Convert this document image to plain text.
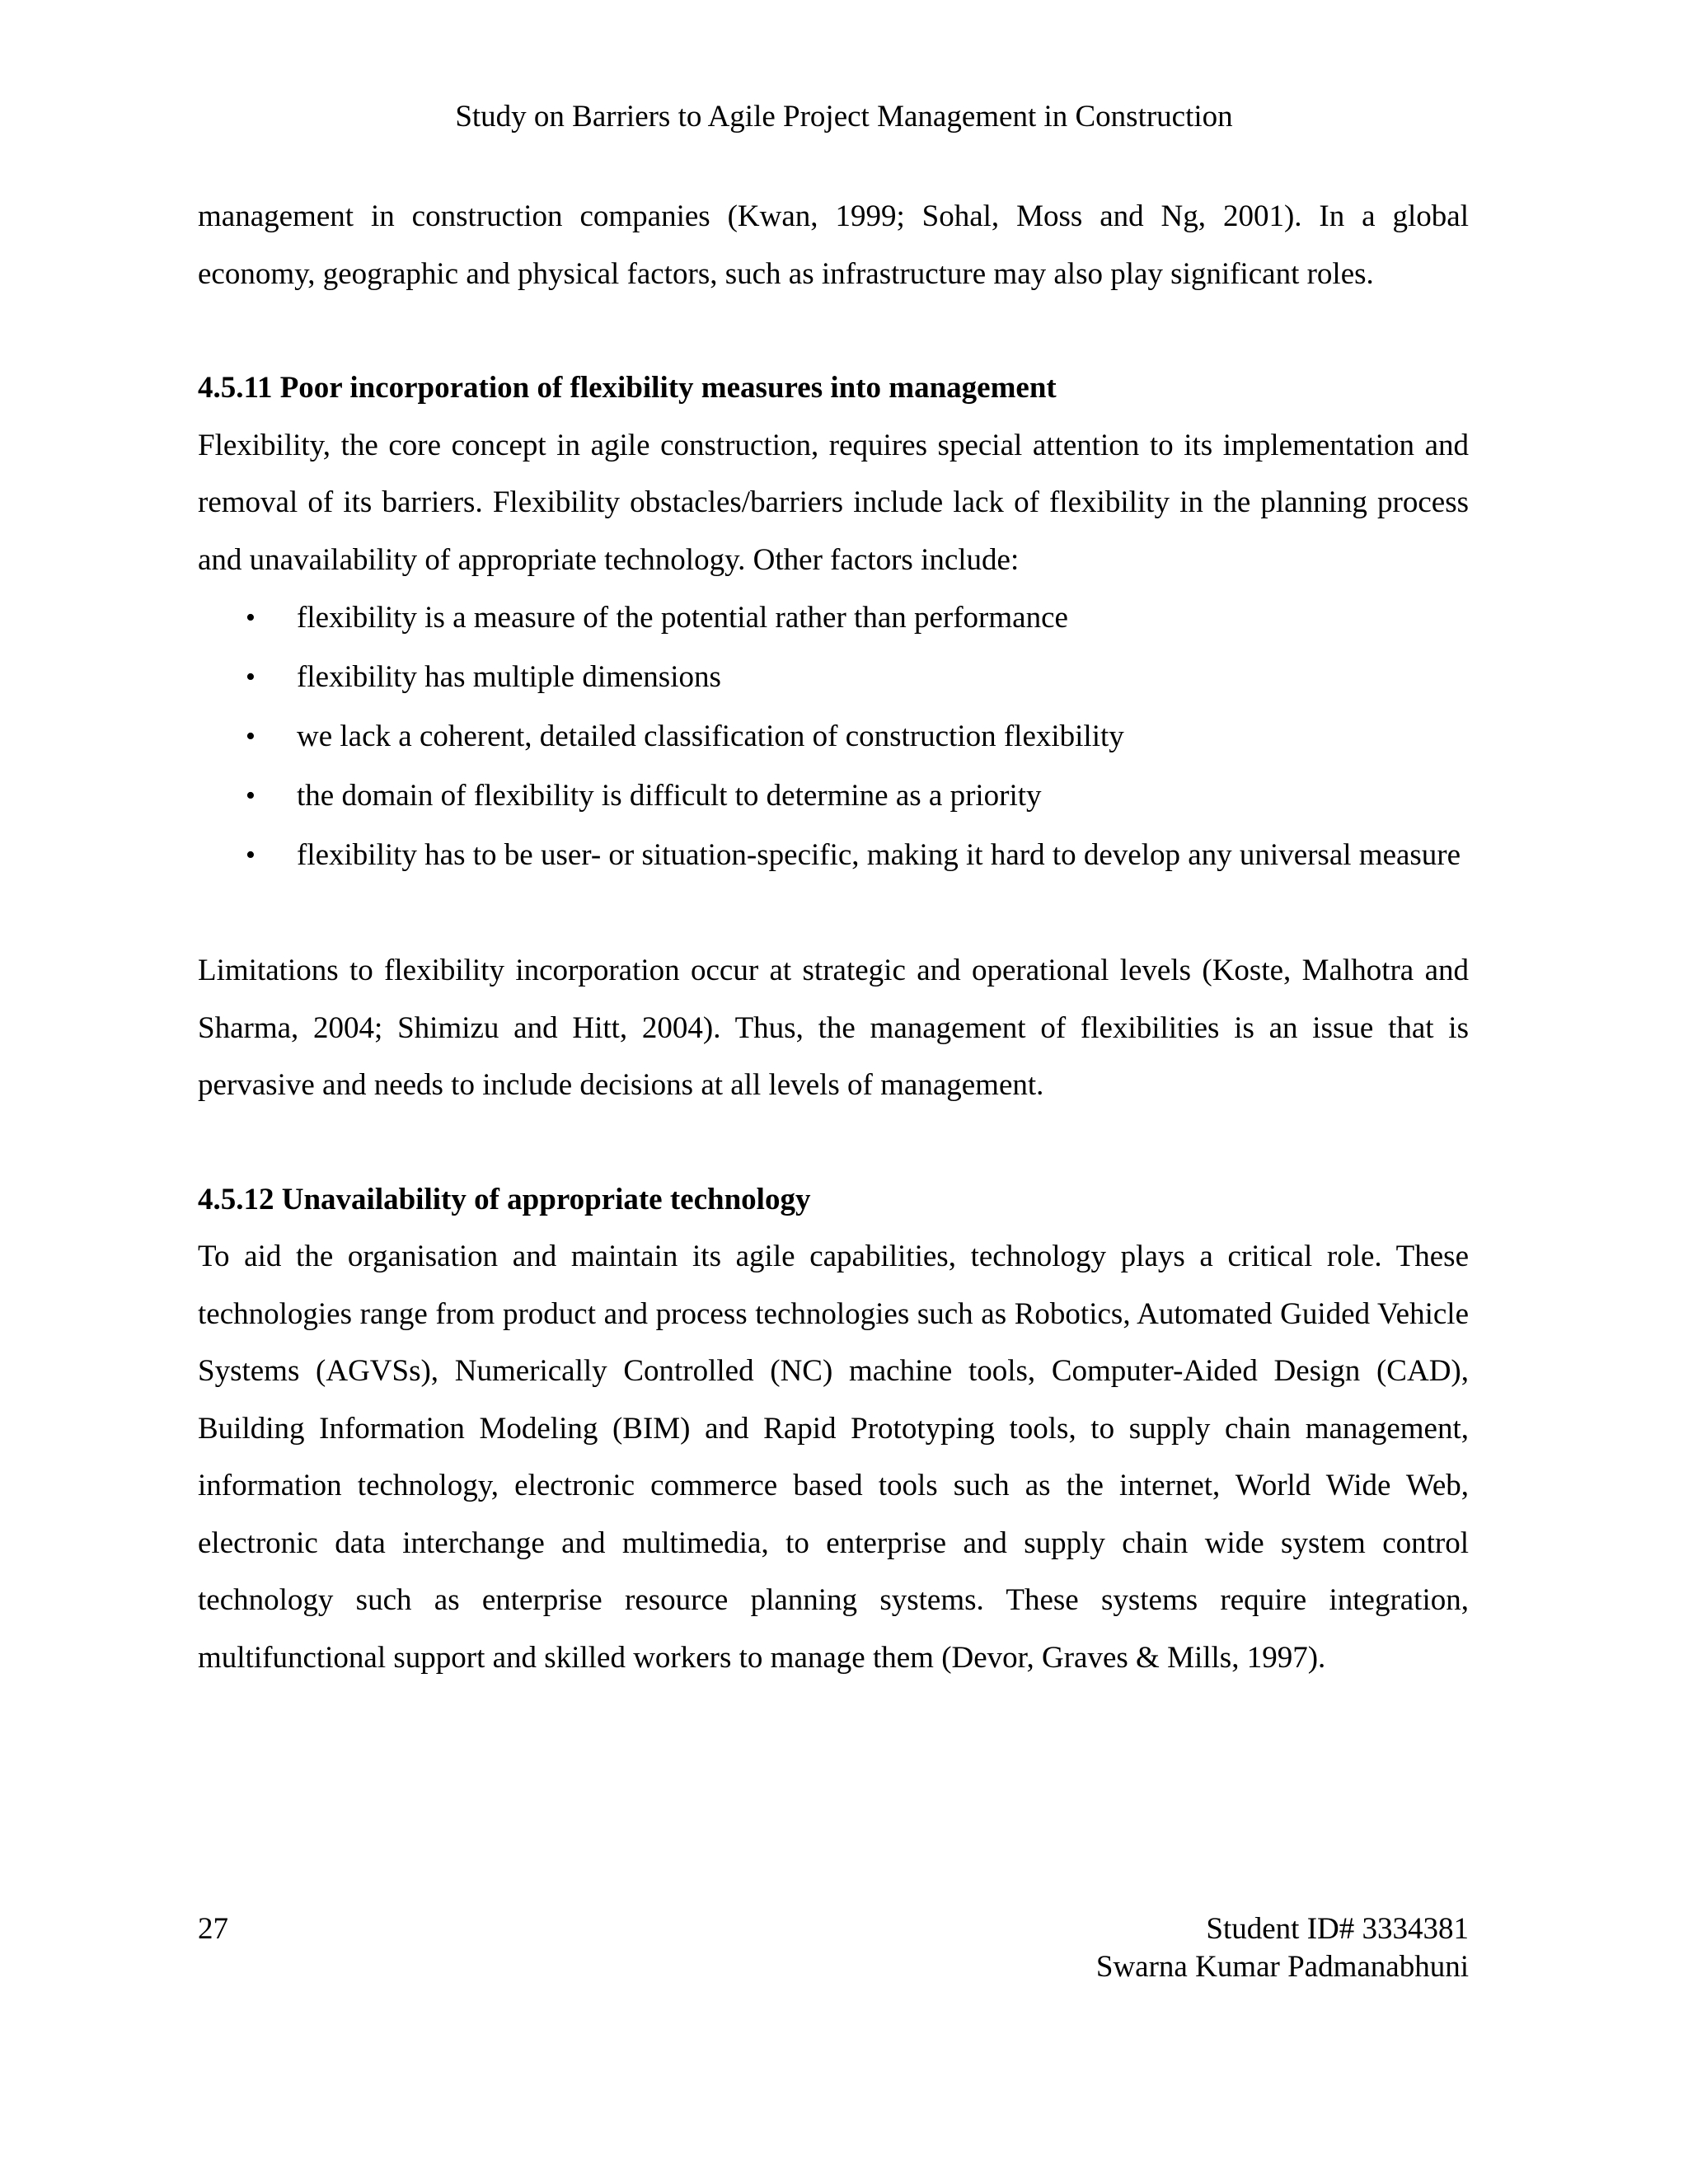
Study on Barriers to Agile Project Management in Construction

management in construction companies (Kwan, 1999; Sohal, Moss and Ng, 2001). In a global economy, geographic and physical factors, such as infrastructure may also play significant roles.

4.5.11 Poor incorporation of flexibility measures into management

Flexibility, the core concept in agile construction, requires special attention to its implementation and removal of its barriers. Flexibility obstacles/barriers include lack of flexibility in the planning process and unavailability of appropriate technology. Other factors include:

• flexibility is a measure of the potential rather than performance
• flexibility has multiple dimensions
• we lack a coherent, detailed classification of construction flexibility
• the domain of flexibility is difficult to determine as a priority
• flexibility has to be user- or situation-specific, making it hard to develop any universal measure

Limitations to flexibility incorporation occur at strategic and operational levels (Koste, Malhotra and Sharma, 2004; Shimizu and Hitt, 2004). Thus, the management of flexibilities is an issue that is pervasive and needs to include decisions at all levels of management.

4.5.12 Unavailability of appropriate technology

To aid the organisation and maintain its agile capabilities, technology plays a critical role. These technologies range from product and process technologies such as Robotics, Automated Guided Vehicle Systems (AGVSs), Numerically Controlled (NC) machine tools, Computer-Aided Design (CAD), Building Information Modeling (BIM) and Rapid Prototyping tools, to supply chain management, information technology, electronic commerce based tools such as the internet, World Wide Web, electronic data interchange and multimedia, to enterprise and supply chain wide system control technology such as enterprise resource planning systems. These systems require integration, multifunctional support and skilled workers to manage them (Devor, Graves & Mills, 1997).

27	Student ID# 3334381
Swarna Kumar Padmanabhuni
